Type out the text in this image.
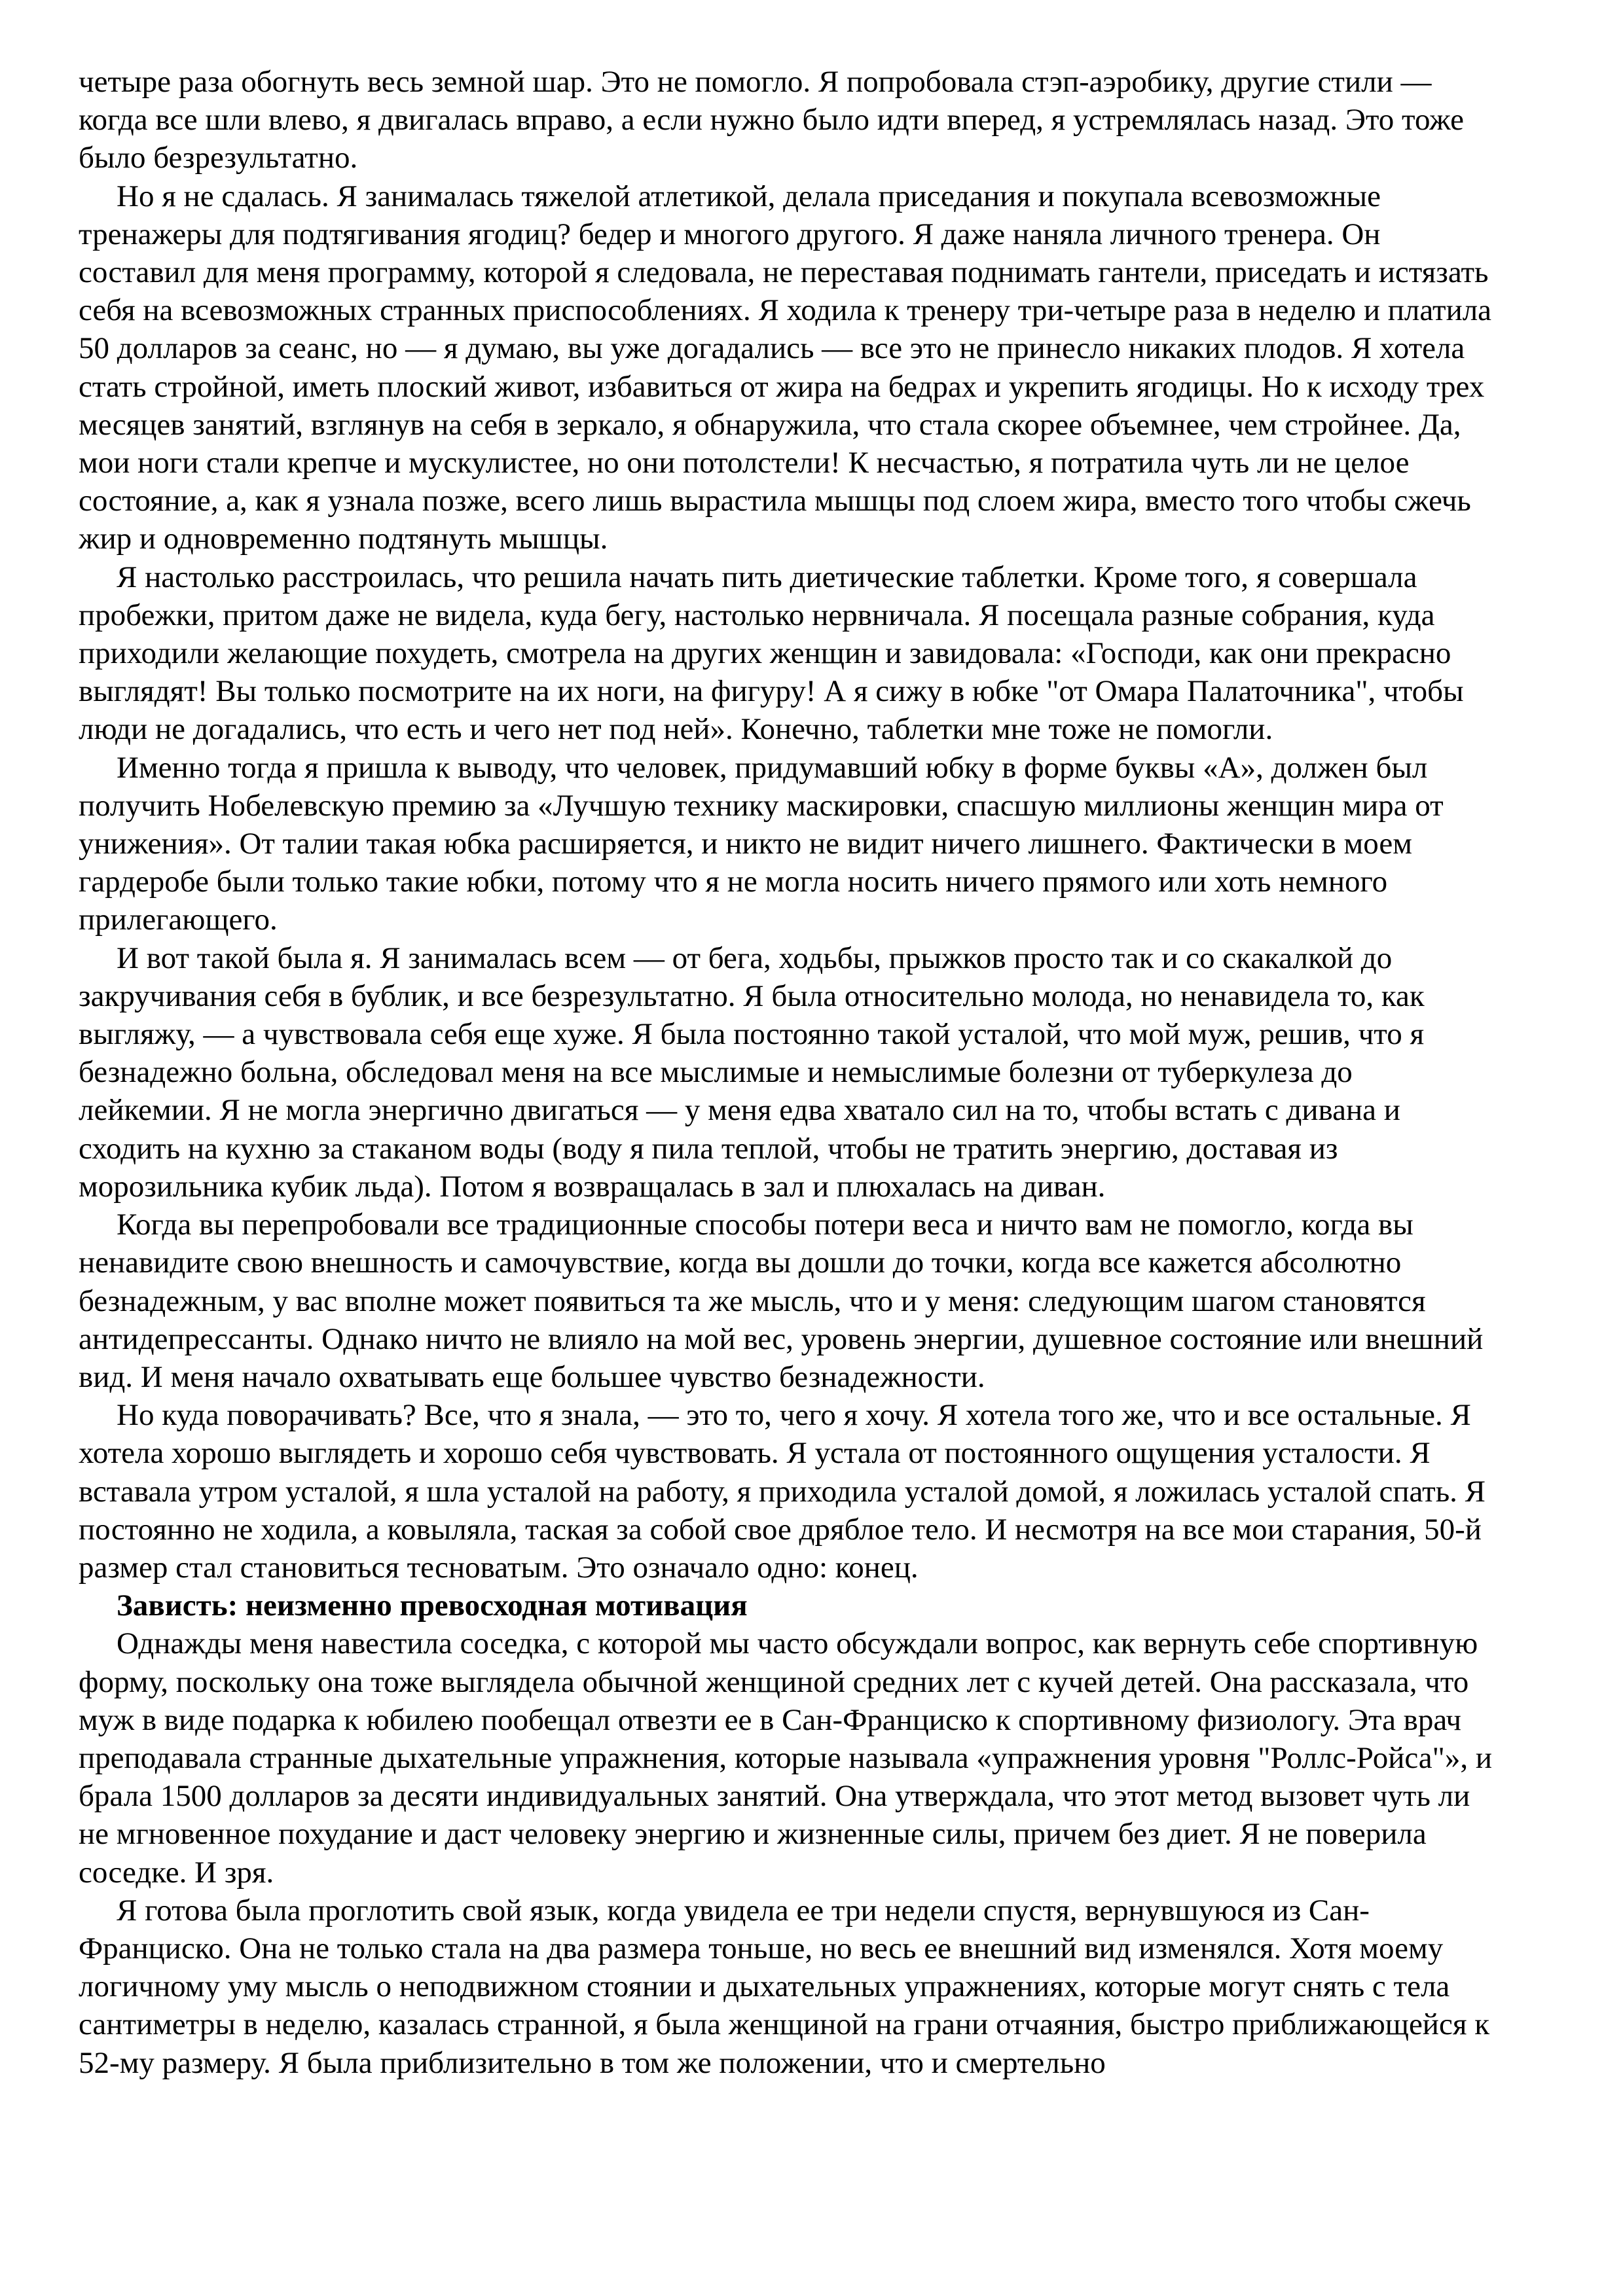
четыре раза обогнуть весь земной шар. Это не помогло. Я попробовала стэп-аэробику, другие стили — когда все шли влево, я двигалась вправо, а если нужно было идти вперед, я устремлялась назад. Это тоже было безрезультатно.

Но я не сдалась. Я занималась тяжелой атлетикой, делала приседания и покупала всевозможные тренажеры для подтягивания ягодиц? бедер и многого другого. Я даже наняла личного тренера. Он составил для меня программу, которой я следовала, не переставая поднимать гантели, приседать и истязать себя на всевозможных странных приспособлениях. Я ходила к тренеру три-четыре раза в неделю и платила 50 долларов за сеанс, но — я думаю, вы уже догадались — все это не принесло никаких плодов. Я хотела стать стройной, иметь плоский живот, избавиться от жира на бедрах и укрепить ягодицы. Но к исходу трех месяцев занятий, взглянув на себя в зеркало, я обнаружила, что стала скорее объемнее, чем стройнее. Да, мои ноги стали крепче и мускулистее, но они потолстели! К несчастью, я потратила чуть ли не целое состояние, а, как я узнала позже, всего лишь вырастила мышцы под слоем жира, вместо того чтобы сжечь жир и одновременно подтянуть мышцы.

Я настолько расстроилась, что решила начать пить диетические таблетки. Кроме того, я совершала пробежки, притом даже не видела, куда бегу, настолько нервничала. Я посещала разные собрания, куда приходили желающие похудеть, смотрела на других женщин и завидовала: «Господи, как они прекрасно выглядят! Вы только посмотрите на их ноги, на фигуру! А я сижу в юбке "от Омара Палаточника", чтобы люди не догадались, что есть и чего нет под ней». Конечно, таблетки мне тоже не помогли.

Именно тогда я пришла к выводу, что человек, придумавший юбку в форме буквы «А», должен был получить Нобелевскую премию за «Лучшую технику маскировки, спасшую миллионы женщин мира от унижения». От талии такая юбка расширяется, и никто не видит ничего лишнего. Фактически в моем гардеробе были только такие юбки, потому что я не могла носить ничего прямого или хоть немного прилегающего.

И вот такой была я. Я занималась всем — от бега, ходьбы, прыжков просто так и со скакалкой до закручивания себя в бублик, и все безрезультатно. Я была относительно молода, но ненавидела то, как выгляжу, — а чувствовала себя еще хуже. Я была постоянно такой усталой, что мой муж, решив, что я безнадежно больна, обследовал меня на все мыслимые и немыслимые болезни от туберкулеза до лейкемии. Я не могла энергично двигаться — у меня едва хватало сил на то, чтобы встать с дивана и сходить на кухню за стаканом воды (воду я пила теплой, чтобы не тратить энергию, доставая из морозильника кубик льда). Потом я возвращалась в зал и плюхалась на диван.

Когда вы перепробовали все традиционные способы потери веса и ничто вам не помогло, когда вы ненавидите свою внешность и самочувствие, когда вы дошли до точки, когда все кажется абсолютно безнадежным, у вас вполне может появиться та же мысль, что и у меня: следующим шагом становятся антидепрессанты. Однако ничто не влияло на мой вес, уровень энергии, душевное состояние или внешний вид. И меня начало охватывать еще большее чувство безнадежности.

Но куда поворачивать? Все, что я знала, — это то, чего я хочу. Я хотела того же, что и все остальные. Я хотела хорошо выглядеть и хорошо себя чувствовать. Я устала от постоянного ощущения усталости. Я вставала утром усталой, я шла усталой на работу, я приходила усталой домой, я ложилась усталой спать. Я постоянно не ходила, а ковыляла, таская за собой свое дряблое тело. И несмотря на все мои старания, 50-й размер стал становиться тесноватым. Это означало одно: конец.

Зависть: неизменно превосходная мотивация

Однажды меня навестила соседка, с которой мы часто обсуждали вопрос, как вернуть себе спортивную форму, поскольку она тоже выглядела обычной женщиной средних лет с кучей детей. Она рассказала, что муж в виде подарка к юбилею пообещал отвезти ее в Сан-Франциско к спортивному физиологу. Эта врач преподавала странные дыхательные упражнения, которые называла «упражнения уровня "Роллс-Ройса"», и брала 1500 долларов за десяти индивидуальных занятий. Она утверждала, что этот метод вызовет чуть ли не мгновенное похудание и даст человеку энергию и жизненные силы, причем без диет. Я не поверила соседке. И зря.

Я готова была проглотить свой язык, когда увидела ее три недели спустя, вернувшуюся из Сан-Франциско. Она не только стала на два размера тоньше, но весь ее внешний вид изменялся. Хотя моему логичному уму мысль о неподвижном стоянии и дыхательных упражнениях, которые могут снять с тела сантиметры в неделю, казалась странной, я была женщиной на грани отчаяния, быстро приближающейся к 52-му размеру. Я была приблизительно в том же положении, что и смертельно
